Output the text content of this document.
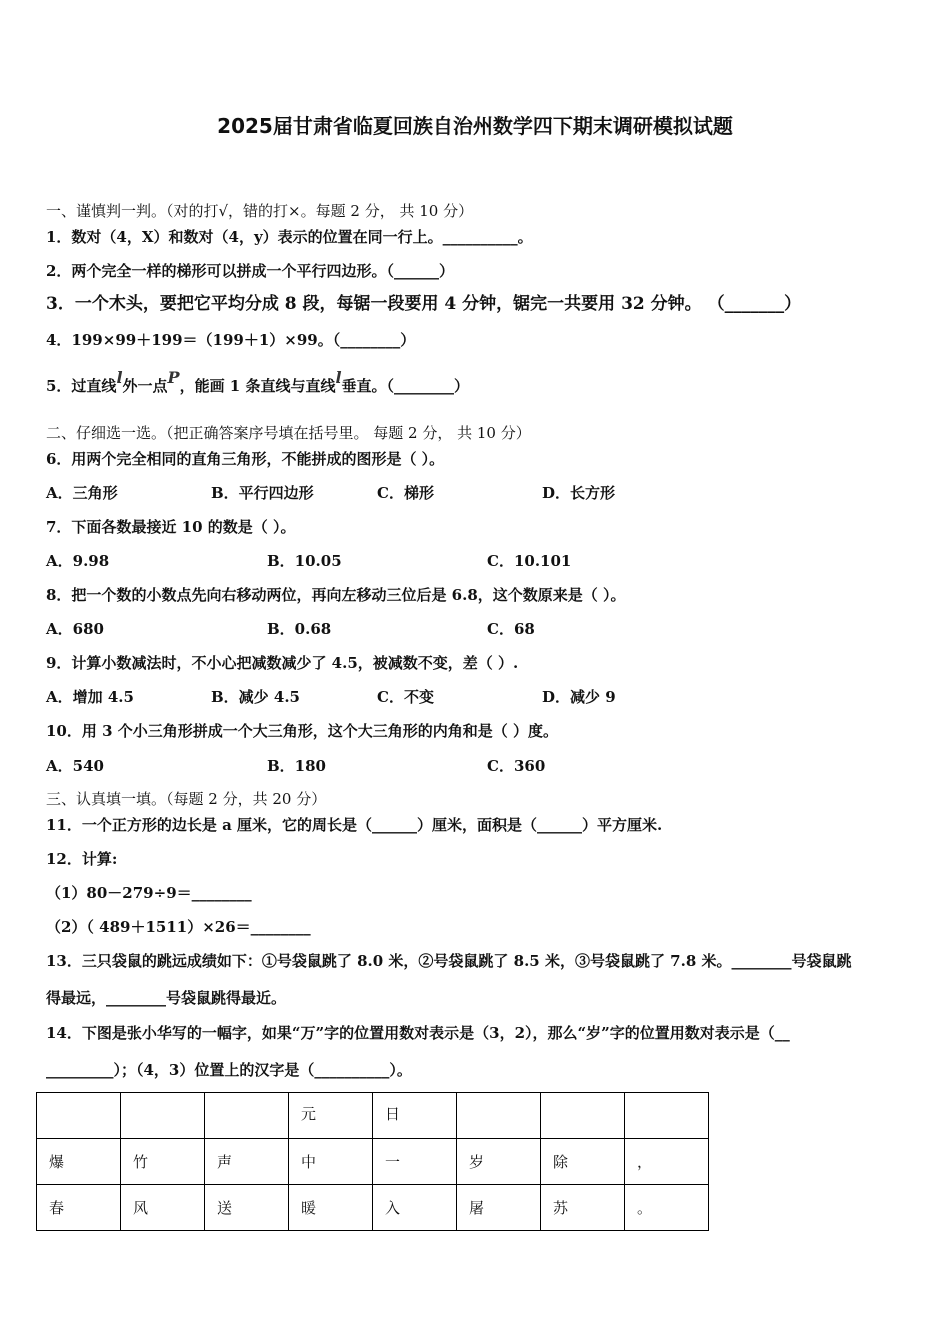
2025届甘肃省临夏回族自治州数学四下期末调研模拟试题
一、谨慎判一判。（对的打√，错的打×。每题 2 分， 共 10 分）
1．数对（4，X）和数对（4，y）表示的位置在同一行上。__________。
2．两个完全一样的梯形可以拼成一个平行四边形。（______）
3．一个木头，要把它平均分成 8 段，每锯一段要用 4 分钟，锯完一共要用 32 分钟。 （_______）
4．199×99＋199＝（199＋1）×99。（________）
5．过直线l外一点P，能画 1 条直线与直线l垂直。（________）
二、仔细选一选。（把正确答案序号填在括号里。 每题 2 分， 共 10 分）
6．用两个完全相同的直角三角形，不能拼成的图形是（ ）。
A．三角形	B．平行四边形	C．梯形	D．长方形
7．下面各数最接近 10 的数是（ ）。
A．9.98	B．10.05	C．10.101
8．把一个数的小数点先向右移动两位，再向左移动三位后是 6.8，这个数原来是（ ）。
A．680	B．0.68	C．68
9．计算小数减法时，不小心把减数减少了 4.5，被减数不变，差（ ）.
A．增加 4.5	B．减少 4.5	C．不变	D．减少 9
10．用 3 个小三角形拼成一个大三角形，这个大三角形的内角和是（ ）度。
A．540	B．180	C．360
三、认真填一填。（每题 2 分，共 20 分）
11．一个正方形的边长是 a 厘米，它的周长是（______）厘米，面积是（______）平方厘米.
12．计算:
（1）80－279÷9＝________
（2）（ 489＋1511）×26＝________
13．三只袋鼠的跳远成绩如下：①号袋鼠跳了 8.0 米，②号袋鼠跳了 8.5 米，③号袋鼠跳了 7.8 米。________号袋鼠跳
得最远，________号袋鼠跳得最近。
14．下图是张小华写的一幅字，如果“万”字的位置用数对表示是（3，2），那么“岁”字的位置用数对表示是（__
_________）；（4，3）位置上的汉字是（__________）。
			元	日			
爆	竹	声	中	一	岁	除	，
春	风	送	暖	入	屠	苏	。
